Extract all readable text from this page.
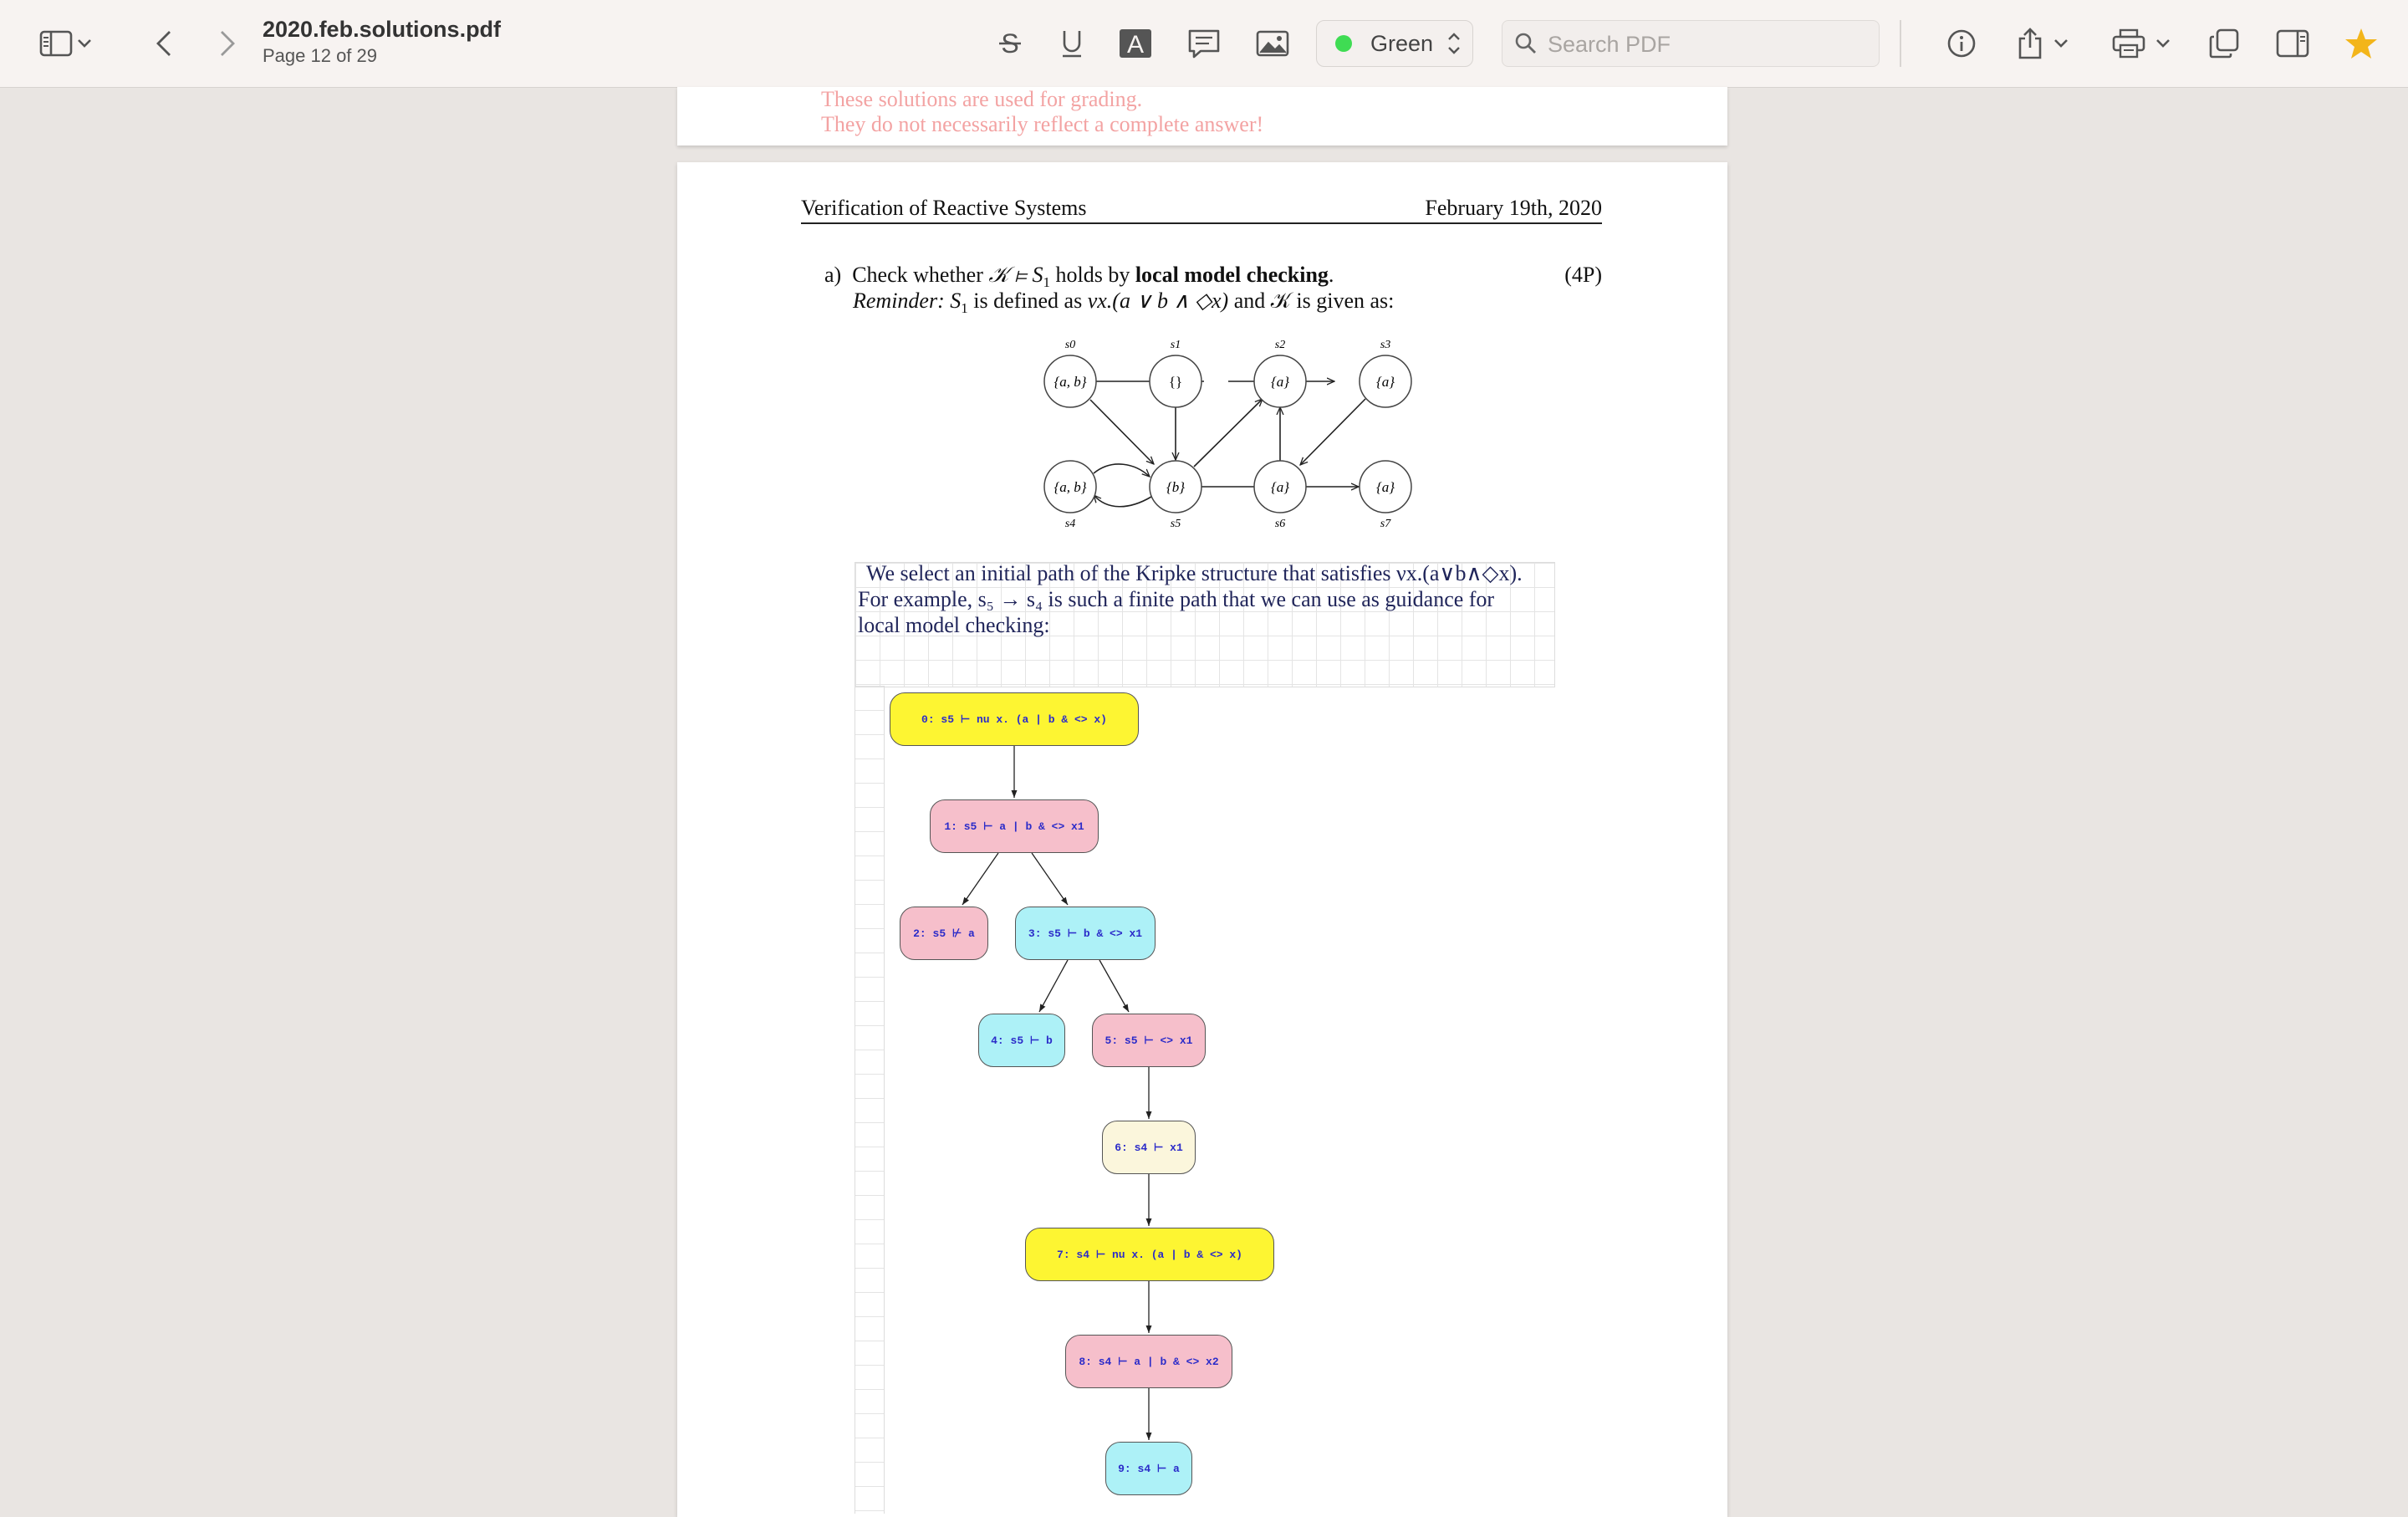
2020.feb.solutions.pdf
Page 12 of 29	S	A	Green
Search PDF
These solutions are used for grading.
They do not necessarily reflect a complete answer!
Verification of Reactive Systems	February 19th, 2020
a) Check whether 𝒦 ⊨ $S_1$ holds by local model checking.	(4P)
Reminder: $S_1$ is defined as νx.(a ∨ b ∧ ◇x) and 𝒦 is given as:
{a, b}
s0
{}
s1
{a}
s2
{a}
s3
{a, b}
s4
{b}
s5
{a}
s6
{a}
s7
We select an initial path of the Kripke structure that satisfies νx.(a∨b∧◇x).
For example, s₅ → s₄ is such a finite path that we can use as guidance for
local model checking:
0: s5 ⊢ nu x. (a | b & <> x)
1: s5 ⊢ a | b & <> x1
2: s5 ⊬ a	3: s5 ⊢ b & <> x1
4: s5 ⊢ b	5: s5 ⊢ <> x1
6: s4 ⊢ x1
7: s4 ⊢ nu x. (a | b & <> x)
8: s4 ⊢ a | b & <> x2
9: s4 ⊢ a
